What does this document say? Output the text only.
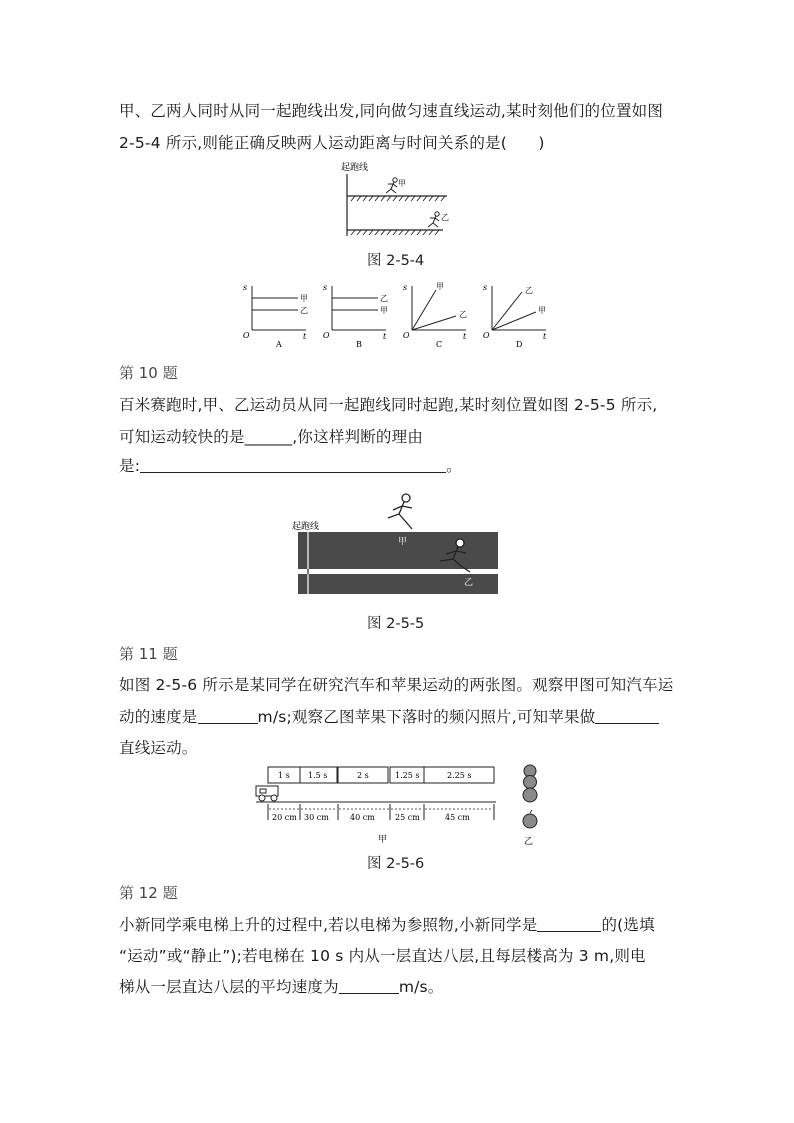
甲、乙两人同时从同一起跑线出发,同向做匀速直线运动,某时刻他们的位置如图
2-5-4 所示,则能正确反映两人运动距离与时间关系的是(　　)
起跑线
甲
乙
图 2-5-4
s
O	t
甲
乙
A
s
O	t
乙
甲
B
s
O	t
甲
乙
C
s
O	t
乙
甲
D
第 10 题
百米赛跑时,甲、乙运动员从同一起跑线同时起跑,某时刻位置如图 2-5-5 所示,
可知运动较快的是______,你这样判断的理由
是:	。
起跑线
甲
乙
图 2-5-5
第 11 题
如图 2-5-6 所示是某同学在研究汽车和苹果运动的两张图。观察甲图可知汽车运
动的速度是	m/s;观察乙图苹果下落时的频闪照片,可知苹果做
直线运动。
1 s 1.5 s	2 s	1.25 s	2.25 s
20 cm 30 cm	40 cm	25 cm	45 cm
甲	乙
图 2-5-6
第 12 题
小新同学乘电梯上升的过程中,若以电梯为参照物,小新同学是	的(选填
“运动”或“静止”);若电梯在 10 s 内从一层直达八层,且每层楼高为 3 m,则电
梯从一层直达八层的平均速度为	m/s。
